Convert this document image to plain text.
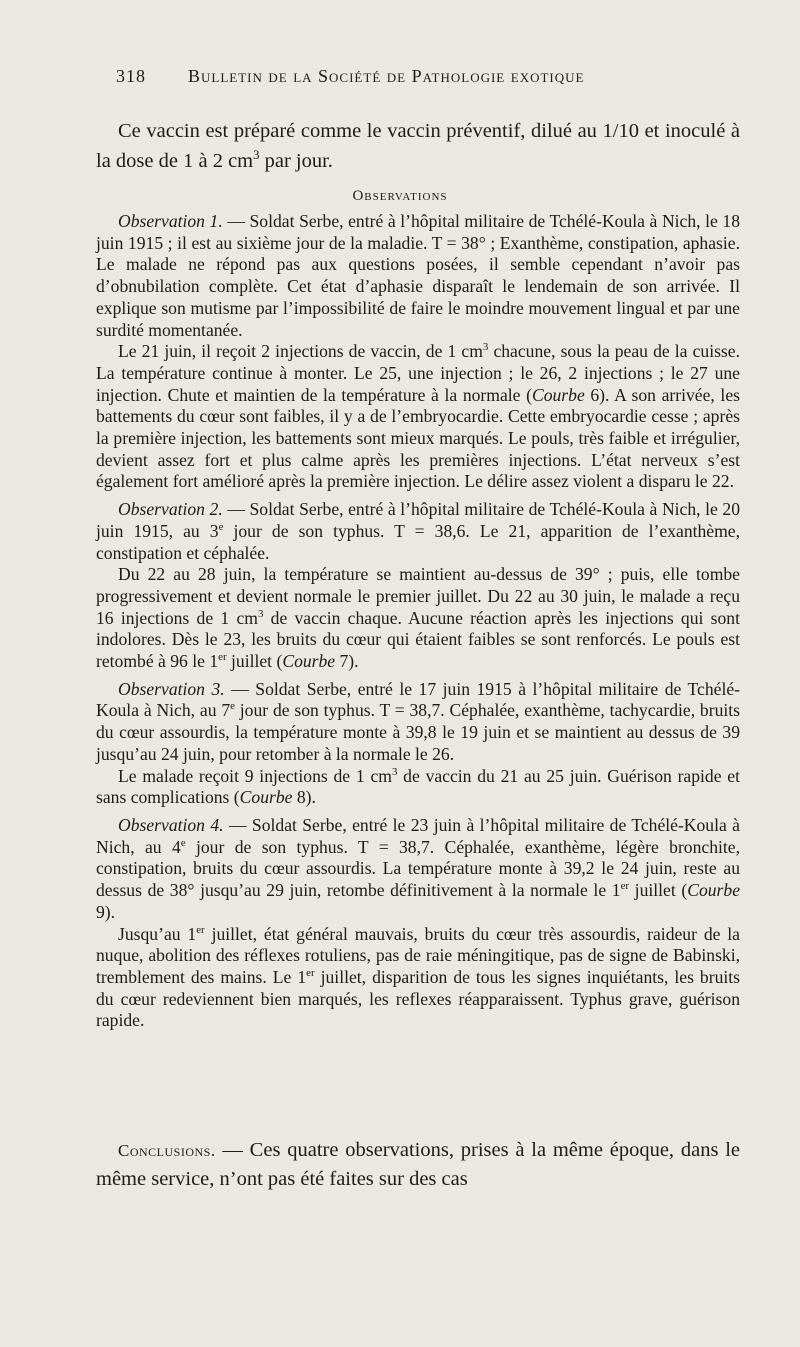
318 Bulletin de la Société de Pathologie exotique
Ce vaccin est préparé comme le vaccin préventif, dilué au 1/10 et inoculé à la dose de 1 à 2 $cm^3$ par jour.
Observations

Observation 1. — Soldat Serbe, entré à l’hôpital militaire de Tchélé-Koula à Nich, le 18 juin 1915 ; il est au sixième jour de la maladie. T = 38° ; Exanthème, constipation, aphasie. Le malade ne répond pas aux questions posées, il semble cependant n’avoir pas d’obnubilation complète. Cet état d’aphasie disparaît le lendemain de son arrivée. Il explique son mutisme par l’impossibilité de faire le moindre mouvement lingual et par une surdité momentanée.

Le 21 juin, il reçoit 2 injections de vaccin, de 1 $cm^3$ chacune, sous la peau de la cuisse. La température continue à monter. Le 25, une injection ; le 26, 2 injections ; le 27 une injection. Chute et maintien de la température à la normale (Courbe 6). A son arrivée, les battements du cœur sont faibles, il y a de l’embryocardie. Cette embryocardie cesse ; après la première injection, les battements sont mieux marqués. Le pouls, très faible et irrégulier, devient assez fort et plus calme après les premières injections. L’état nerveux s’est également fort amélioré après la première injection. Le délire assez violent a disparu le 22.

Observation 2. — Soldat Serbe, entré à l’hôpital militaire de Tchélé-Koula à Nich, le 20 juin 1915, au 3e jour de son typhus. T = 38,6. Le 21, apparition de l’exanthème, constipation et céphalée.

Du 22 au 28 juin, la température se maintient au-dessus de 39° ; puis, elle tombe progressivement et devient normale le premier juillet. Du 22 au 30 juin, le malade a reçu 16 injections de 1 $cm^3$ de vaccin chaque. Aucune réaction après les injections qui sont indolores. Dès le 23, les bruits du cœur qui étaient faibles se sont renforcés. Le pouls est retombé à 96 le 1er juillet (Courbe 7).

Observation 3. — Soldat Serbe, entré le 17 juin 1915 à l’hôpital militaire de Tchélé-Koula à Nich, au 7e jour de son typhus. T = 38,7. Céphalée, exanthème, tachycardie, bruits du cœur assourdis, la température monte à 39,8 le 19 juin et se maintient au dessus de 39 jusqu’au 24 juin, pour retomber à la normale le 26.

Le malade reçoit 9 injections de 1 $cm^3$ de vaccin du 21 au 25 juin. Guérison rapide et sans complications (Courbe 8).

Observation 4. — Soldat Serbe, entré le 23 juin à l’hôpital militaire de Tchélé-Koula à Nich, au 4e jour de son typhus. T = 38,7. Céphalée, exanthème, légère bronchite, constipation, bruits du cœur assourdis. La température monte à 39,2 le 24 juin, reste au dessus de 38° jusqu’au 29 juin, retombe définitivement à la normale le 1er juillet (Courbe 9).

Jusqu’au 1er juillet, état général mauvais, bruits du cœur très assourdis, raideur de la nuque, abolition des réflexes rotuliens, pas de raie méningitique, pas de signe de Babinski, tremblement des mains. Le 1er juillet, disparition de tous les signes inquiétants, les bruits du cœur redeviennent bien marqués, les reflexes réapparaissent. Typhus grave, guérison rapide.

Conclusions. — Ces quatre observations, prises à la même époque, dans le même service, n’ont pas été faites sur des cas
